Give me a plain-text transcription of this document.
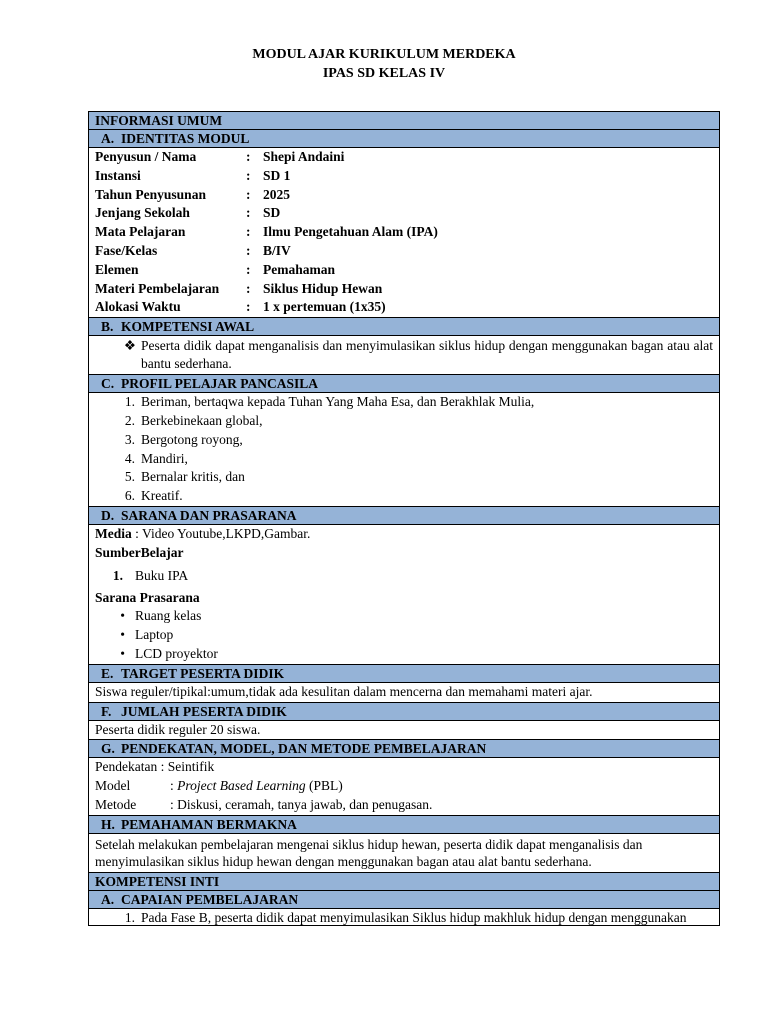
MODUL AJAR KURIKULUM MERDEKA
IPAS SD KELAS IV
INFORMASI UMUM
A. IDENTITAS MODUL
Penyusun / Nama	: Shepi Andaini
Instansi	: SD 1
Tahun Penyusunan	: 2025
Jenjang Sekolah	: SD
Mata Pelajaran	: Ilmu Pengetahuan Alam (IPA)
Fase/Kelas	: B/IV
Elemen	: Pemahaman
Materi Pembelajaran : Siklus Hidup Hewan
Alokasi Waktu	: 1 x pertemuan (1x35)
B. KOMPETENSI AWAL
❖ Peserta didik dapat menganalisis dan menyimulasikan siklus hidup dengan menggunakan bagan atau alat bantu sederhana.
C. PROFIL PELAJAR PANCASILA
1. Beriman, bertaqwa kepada Tuhan Yang Maha Esa, dan Berakhlak Mulia,
2. Berkebinekaan global,
3. Bergotong royong,
4. Mandiri,
5. Bernalar kritis, dan
6. Kreatif.
D. SARANA DAN PRASARANA
Media : Video Youtube,LKPD,Gambar.
SumberBelajar
1. Buku IPA
Sarana Prasarana
• Ruang kelas
• Laptop
• LCD proyektor
E. TARGET PESERTA DIDIK
Siswa reguler/tipikal:umum,tidak ada kesulitan dalam mencerna dan memahami materi ajar.
F. JUMLAH PESERTA DIDIK
Peserta didik reguler 20 siswa.
G. PENDEKATAN, MODEL, DAN METODE PEMBELAJARAN
Pendekatan : Seintifik
Model	: Project Based Learning (PBL)
Metode	: Diskusi, ceramah, tanya jawab, dan penugasan.
H. PEMAHAMAN BERMAKNA
Setelah melakukan pembelajaran mengenai siklus hidup hewan, peserta didik dapat menganalisis dan
menyimulasikan siklus hidup hewan dengan menggunakan bagan atau alat bantu sederhana.
KOMPETENSI INTI
A. CAPAIAN PEMBELAJARAN
1. Pada Fase B, peserta didik dapat menyimulasikan Siklus hidup makhluk hidup dengan menggunakan
